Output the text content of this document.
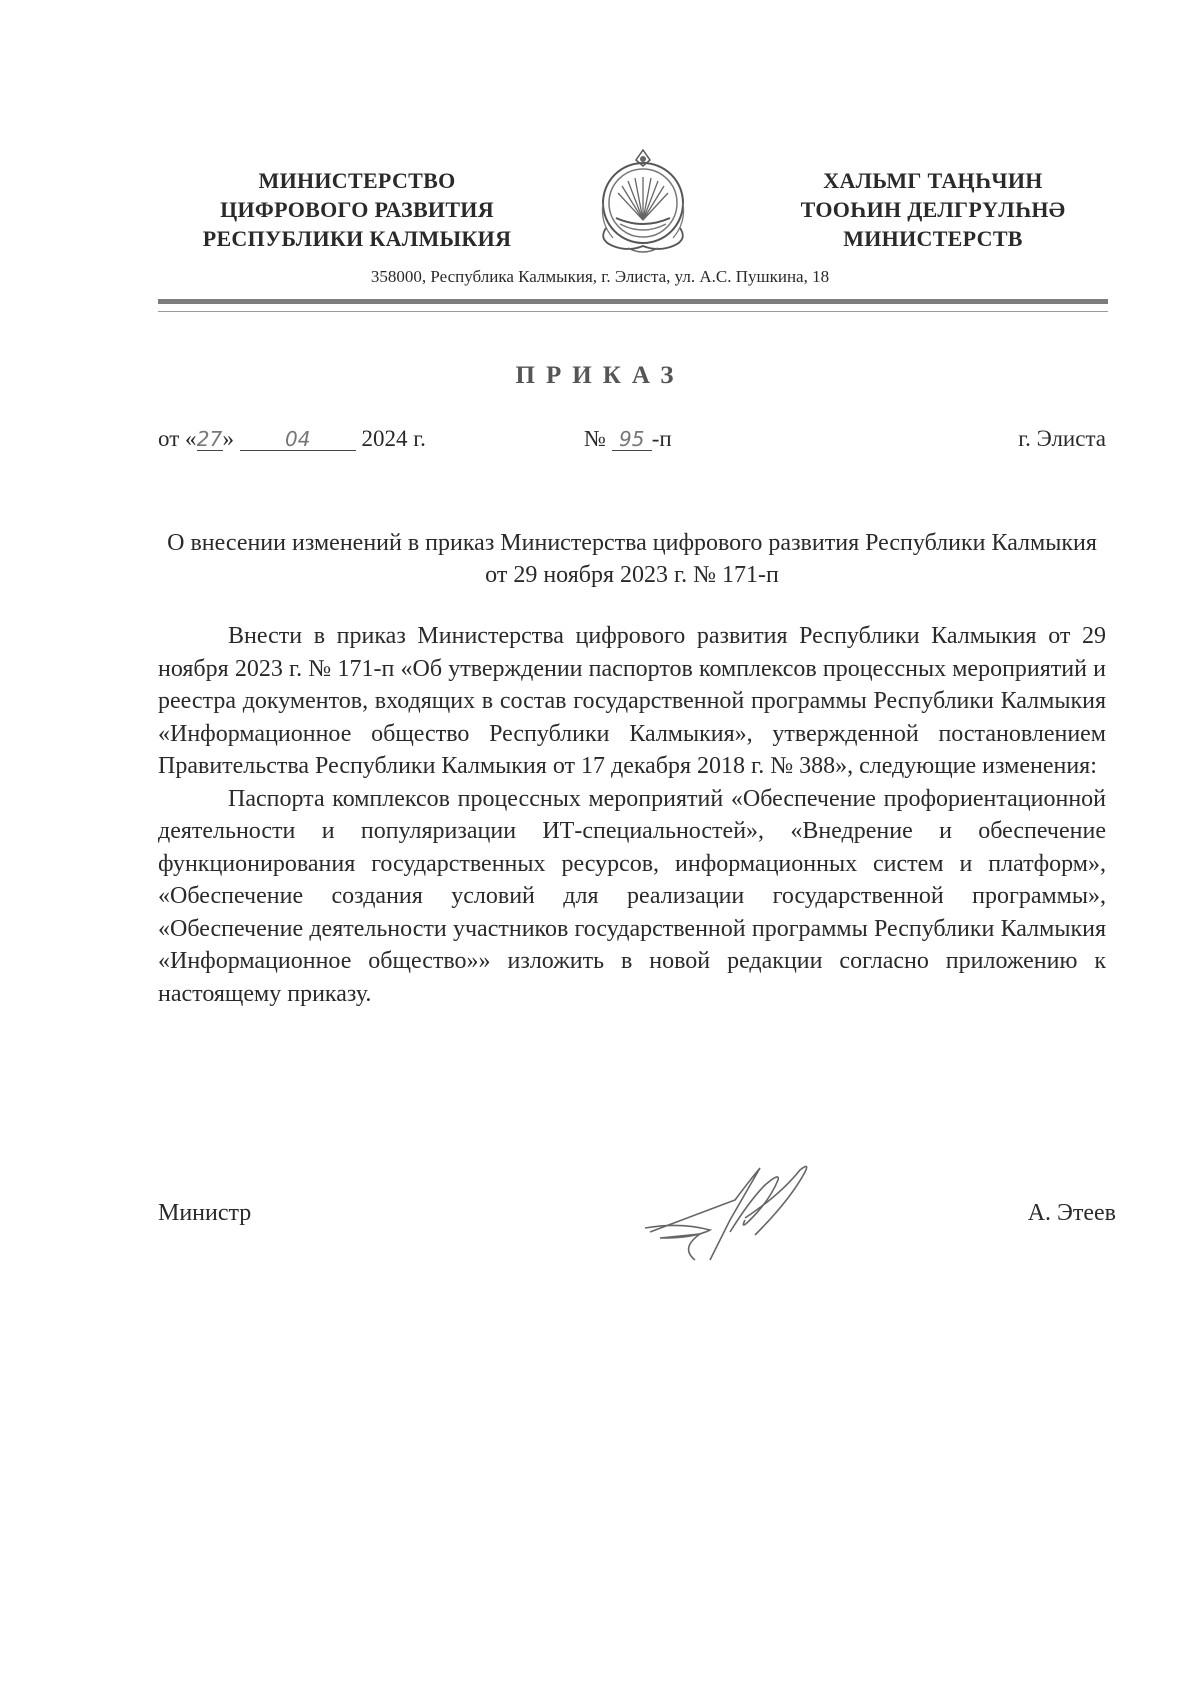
МИНИСТЕРСТВО
ЦИФРОВОГО РАЗВИТИЯ
РЕСПУБЛИКИ КАЛМЫКИЯ
ХАЛЬМГ ТАҢҺЧИН
ТООҺИН ДЕЛГРҮЛҺНӘ
МИНИСТЕРСТВ
358000, Республика Калмыкия, г. Элиста, ул. А.С. Пушкина, 18
ПРИКАЗ
от «27»	04 2024 г.	№ 95 -п	г. Элиста
О внесении изменений в приказ Министерства цифрового развития Республики Калмыкия от 29 ноября 2023 г. № 171-п

Внести в приказ Министерства цифрового развития Республики Калмыкия от 29 ноября 2023 г. № 171-п «Об утверждении паспортов комплексов процессных мероприятий и реестра документов, входящих в состав государственной программы Республики Калмыкия «Информационное общество Республики Калмыкия», утвержденной постановлением Правительства Республики Калмыкия от 17 декабря 2018 г. № 388», следующие изменения:

Паспорта комплексов процессных мероприятий «Обеспечение профориентационной деятельности и популяризации ИТ-специальностей», «Внедрение и обеспечение функционирования государственных ресурсов, информационных систем и платформ», «Обеспечение создания условий для реализации государственной программы», «Обеспечение деятельности участников государственной программы Республики Калмыкия «Информационное общество»» изложить в новой редакции согласно приложению к настоящему приказу.

Министр	А. Этеев
